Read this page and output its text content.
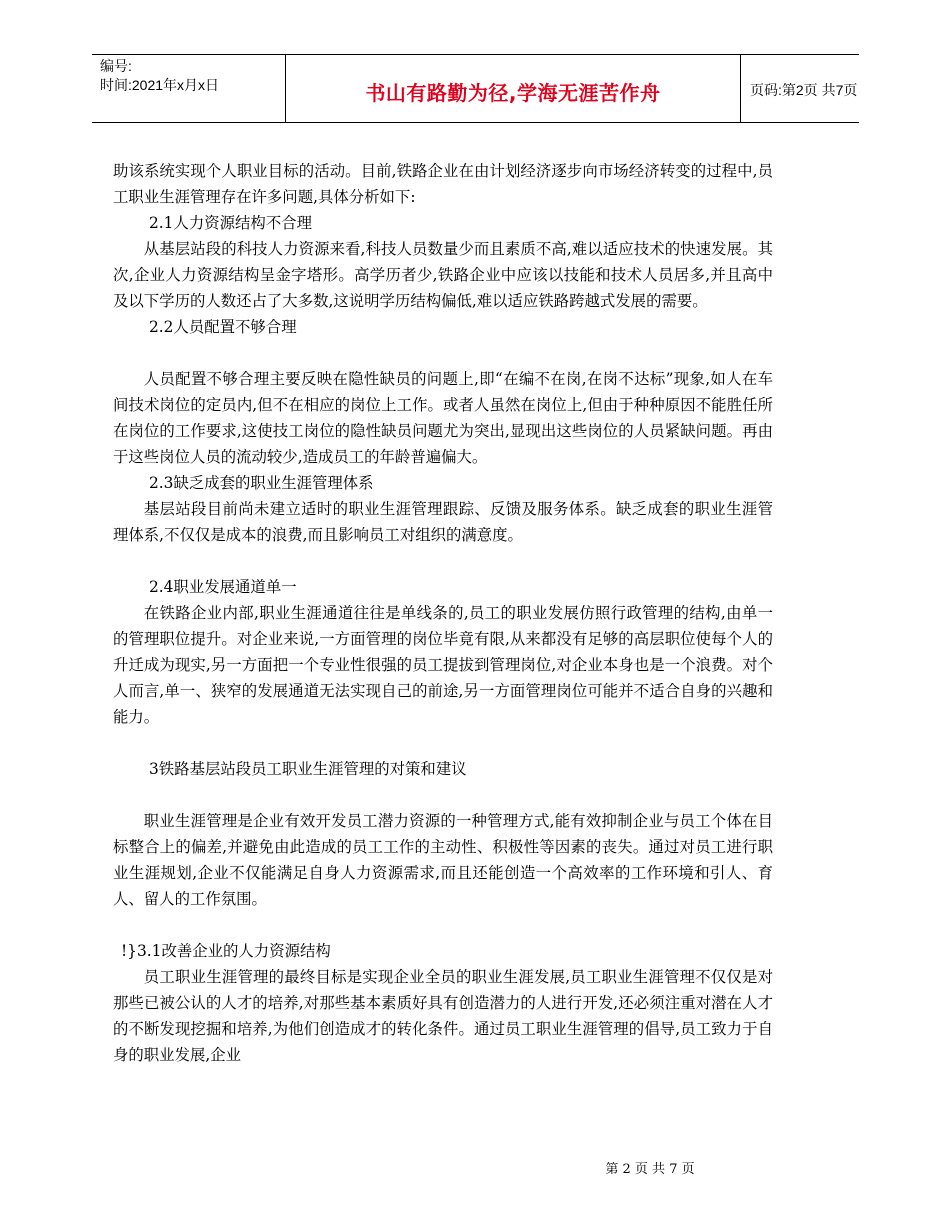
编号:
时间:2021年x月x日	书山有路勤为径,学海无涯苦作舟	页码:第2页 共7页

助该系统实现个人职业目标的活动。目前,铁路企业在由计划经济逐步向市场经济转变的过程中,员工职业生涯管理存在许多问题,具体分析如下:

2.1人力资源结构不合理

从基层站段的科技人力资源来看,科技人员数量少而且素质不高,难以适应技术的快速发展。其次,企业人力资源结构呈金字塔形。高学历者少,铁路企业中应该以技能和技术人员居多,并且高中及以下学历的人数还占了大多数,这说明学历结构偏低,难以适应铁路跨越式发展的需要。

2.2人员配置不够合理

人员配置不够合理主要反映在隐性缺员的问题上,即“在编不在岗,在岗不达标”现象,如人在车间技术岗位的定员内,但不在相应的岗位上工作。或者人虽然在岗位上,但由于种种原因不能胜任所在岗位的工作要求,这使技工岗位的隐性缺员问题尤为突出,显现出这些岗位的人员紧缺问题。再由于这些岗位人员的流动较少,造成员工的年龄普遍偏大。

2.3缺乏成套的职业生涯管理体系

基层站段目前尚未建立适时的职业生涯管理跟踪、反馈及服务体系。缺乏成套的职业生涯管理体系,不仅仅是成本的浪费,而且影响员工对组织的满意度。

2.4职业发展通道单一

在铁路企业内部,职业生涯通道往往是单线条的,员工的职业发展仿照行政管理的结构,由单一的管理职位提升。对企业来说,一方面管理的岗位毕竟有限,从来都没有足够的高层职位使每个人的升迁成为现实,另一方面把一个专业性很强的员工提拔到管理岗位,对企业本身也是一个浪费。对个人而言,单一、狭窄的发展通道无法实现自己的前途,另一方面管理岗位可能并不适合自身的兴趣和能力。

3铁路基层站段员工职业生涯管理的对策和建议

职业生涯管理是企业有效开发员工潜力资源的一种管理方式,能有效抑制企业与员工个体在目标整合上的偏差,并避免由此造成的员工工作的主动性、积极性等因素的丧失。通过对员工进行职业生涯规划,企业不仅能满足自身人力资源需求,而且还能创造一个高效率的工作环境和引人、育人、留人的工作氛围。

!}3.1改善企业的人力资源结构

员工职业生涯管理的最终目标是实现企业全员的职业生涯发展,员工职业生涯管理不仅仅是对那些已被公认的人才的培养,对那些基本素质好具有创造潜力的人进行开发,还必须注重对潜在人才的不断发现挖掘和培养,为他们创造成才的转化条件。通过员工职业生涯管理的倡导,员工致力于自身的职业发展,企业

第 2 页 共 7 页
